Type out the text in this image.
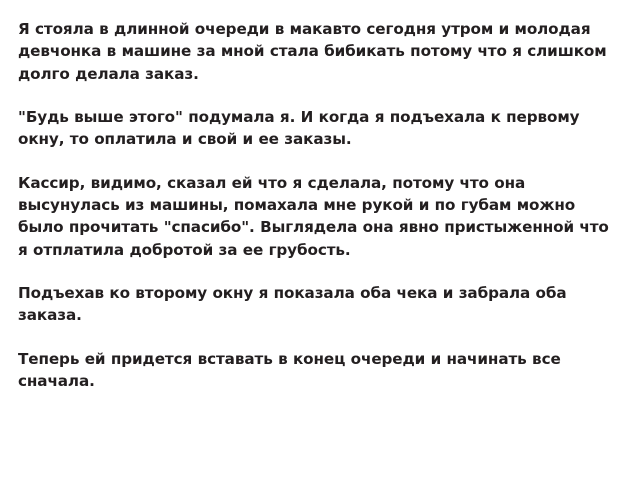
Я стояла в длинной очереди в макавто сегодня утром и молодая девчонка в машине за мной стала бибикать потому что я слишком долго делала заказ.

"Будь выше этого" подумала я. И когда я подъехала к первому окну, то оплатила и свой и ее заказы.

Кассир, видимо, сказал ей что я сделала, потому что она высунулась из машины, помахала мне рукой и по губам можно было прочитать "спасибо". Выглядела она явно пристыженной что я отплатила добротой за ее грубость.

Подъехав ко второму окну я показала оба чека и забрала оба заказа.

Теперь ей придется вставать в конец очереди и начинать все сначала.
